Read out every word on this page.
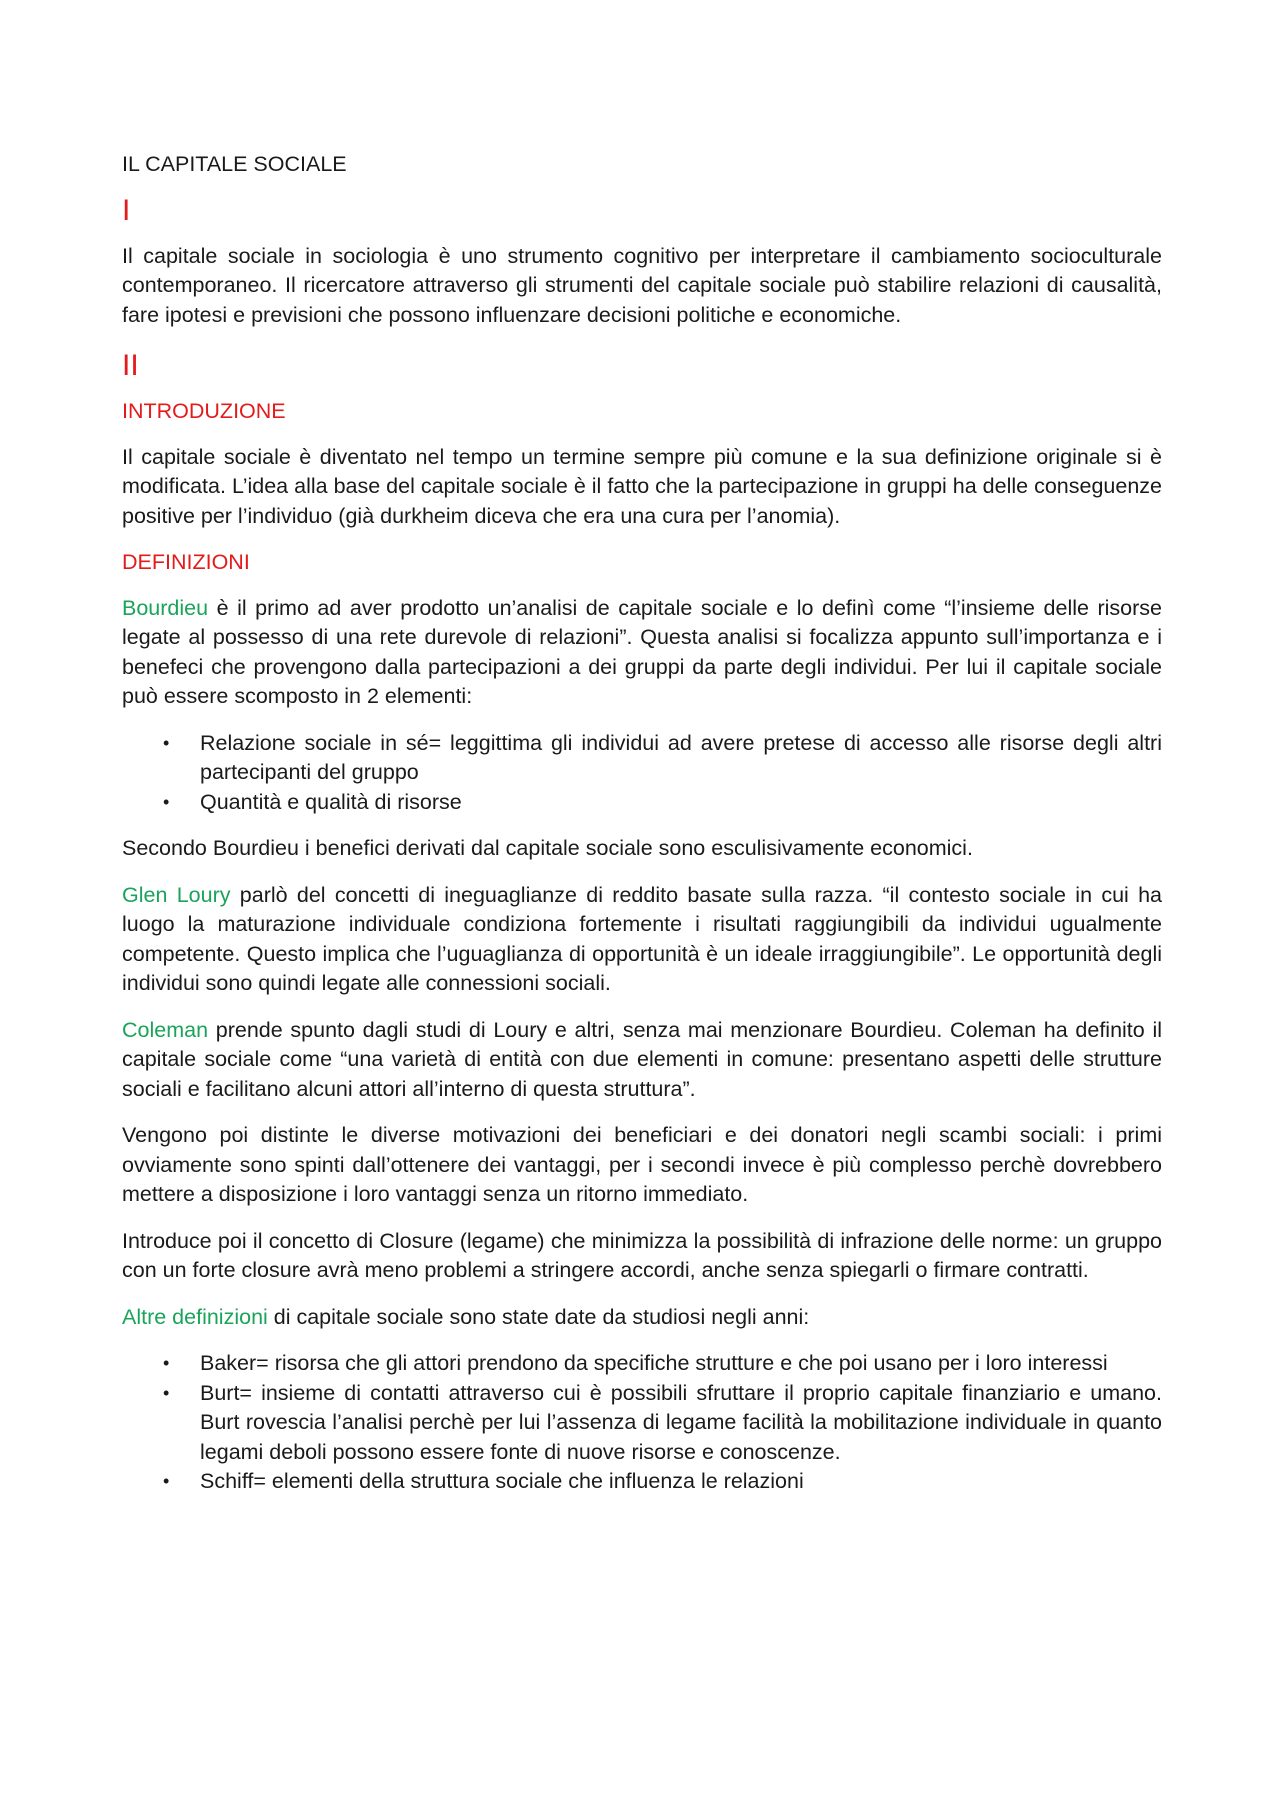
IL CAPITALE SOCIALE
I

Il capitale sociale in sociologia è uno strumento cognitivo per interpretare il cambiamento socioculturale contemporaneo. Il ricercatore attraverso gli strumenti del capitale sociale può stabilire relazioni di causalità, fare ipotesi e previsioni che possono influenzare decisioni politiche e economiche.

II
INTRODUZIONE

Il capitale sociale è diventato nel tempo un termine sempre più comune e la sua definizione originale si è modificata. L’idea alla base del capitale sociale è il fatto che la partecipazione in gruppi ha delle conseguenze positive per l’individuo (già durkheim diceva che era una cura per l’anomia).

DEFINIZIONI

Bourdieu è il primo ad aver prodotto un’analisi de capitale sociale e lo definì come “l’insieme delle risorse legate al possesso di una rete durevole di relazioni”. Questa analisi si focalizza appunto sull’importanza e i benefeci che provengono dalla partecipazioni a dei gruppi da parte degli individui. Per lui il capitale sociale può essere scomposto in 2 elementi:

• Relazione sociale in sé= leggittima gli individui ad avere pretese di accesso alle risorse degli altri partecipanti del gruppo
• Quantità e qualità di risorse

Secondo Bourdieu i benefici derivati dal capitale sociale sono esculisivamente economici.

Glen Loury parlò del concetti di ineguaglianze di reddito basate sulla razza. “il contesto sociale in cui ha luogo la maturazione individuale condiziona fortemente i risultati raggiungibili da individui ugualmente competente. Questo implica che l’uguaglianza di opportunità è un ideale irraggiungibile”. Le opportunità degli individui sono quindi legate alle connessioni sociali.

Coleman prende spunto dagli studi di Loury e altri, senza mai menzionare Bourdieu. Coleman ha definito il capitale sociale come “una varietà di entità con due elementi in comune: presentano aspetti delle strutture sociali e facilitano alcuni attori all’interno di questa struttura”.

Vengono poi distinte le diverse motivazioni dei beneficiari e dei donatori negli scambi sociali: i primi ovviamente sono spinti dall’ottenere dei vantaggi, per i secondi invece è più complesso perchè dovrebbero mettere a disposizione i loro vantaggi senza un ritorno immediato.

Introduce poi il concetto di Closure (legame) che minimizza la possibilità di infrazione delle norme: un gruppo con un forte closure avrà meno problemi a stringere accordi, anche senza spiegarli o firmare contratti.

Altre definizioni di capitale sociale sono state date da studiosi negli anni:

• Baker= risorsa che gli attori prendono da specifiche strutture e che poi usano per i loro interessi
• Burt= insieme di contatti attraverso cui è possibili sfruttare il proprio capitale finanziario e umano. Burt rovescia l’analisi perchè per lui l’assenza di legame facilità la mobilitazione individuale in quanto legami deboli possono essere fonte di nuove risorse e conoscenze.
• Schiff= elementi della struttura sociale che influenza le relazioni
